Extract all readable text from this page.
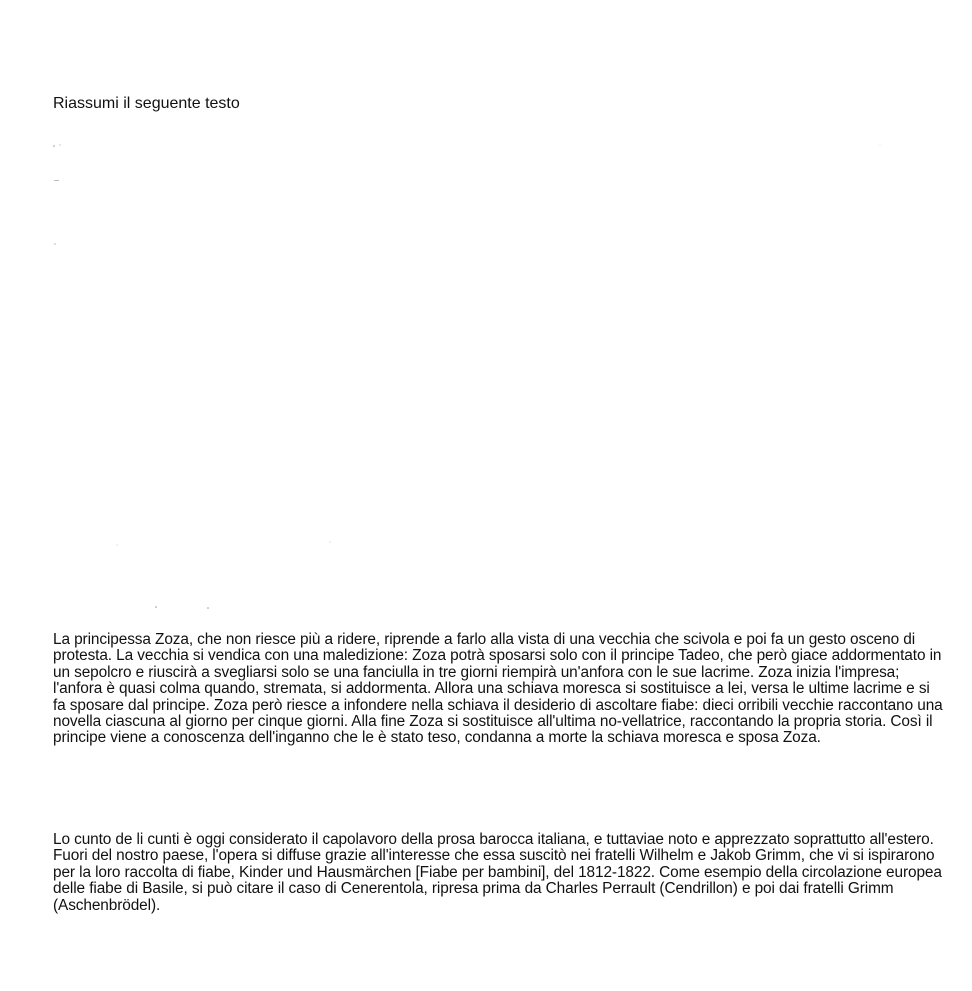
Riassumi il seguente testo

La principessa Zoza, che non riesce più a ridere, riprende a farlo alla vista di una vecchia che scivola e poi fa un gesto osceno di protesta. La vecchia si vendica con una maledizione: Zoza potrà sposarsi solo con il principe Tadeo, che però giace addormentato in un sepolcro e riuscirà a svegliarsi solo se una fanciulla in tre giorni riempirà un'anfora con le sue lacrime. Zoza inizia l'impresa; l'anfora è quasi colma quando, stremata, si addormenta. Allora una schiava moresca si sostituisce a lei, versa le ultime lacrime e si fa sposare dal principe. Zoza però riesce a infondere nella schiava il desiderio di ascoltare fiabe: dieci orribili vecchie raccontano una novella ciascuna al giorno per cinque giorni. Alla fine Zoza si sostituisce all'ultima no-vellatrice, raccontando la propria storia. Così il principe viene a conoscenza dell'inganno che le è stato teso, condanna a morte la schiava moresca e sposa Zoza.

Lo cunto de li cunti è oggi considerato il capolavoro della prosa barocca italiana, e tuttaviae noto e apprezzato soprattutto all'estero. Fuori del nostro paese, l'opera si diffuse grazie all'interesse che essa suscitò nei fratelli Wilhelm e Jakob Grimm, che vi si ispirarono per la loro raccolta di fiabe, Kinder und Hausmärchen [Fiabe per bambini], del 1812-1822. Come esempio della circolazione europea delle fiabe di Basile, si può citare il caso di Cenerentola, ripresa prima da Charles Perrault (Cendrillon) e poi dai fratelli Grimm (Aschenbrödel).
